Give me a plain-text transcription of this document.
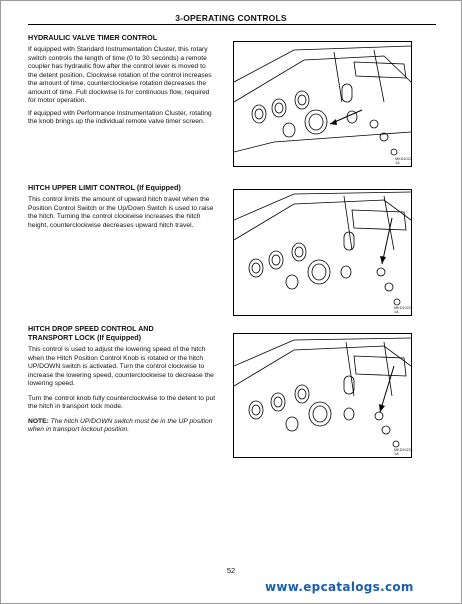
3-OPERATING CONTROLS

HYDRAULIC VALVE TIMER CONTROL

If equipped with Standard Instrumentation Cluster, this rotary switch controls the length of time (0 to 30 seconds) a remote coupler has hydraulic flow after the control lever is moved to the detent position. Clockwise rotation of the control increases the amount of time, counterclockwise rotation decreases the amount of time. Full clockwise is for continuous flow, required for motor operation.

If equipped with Performance Instrumentation Cluster, rotating the knob brings up the individual remote valve timer screen.

HITCH UPPER LIMIT CONTROL (If Equipped)

This control limits the amount of upward hitch travel when the Position Control Switch or the Up/Down Switch is used to raise the hitch. Turning the control clockwise increases the hitch height, counterclockwise decreases upward hitch travel.

HITCH DROP SPEED CONTROL AND

TRANSPORT LOCK (If Equipped)

This control is used to adjust the lowering speed of the hitch when the Hitch Position Control Knob is rotated or the hitch UP/DOWN switch is activated. Turn the control clockwise to increase the lowering speed, counterclockwise to decrease the lowering speed.

Turn the control knob fully counterclockwise to the detent to put the hitch in transport lock mode.

NOTE: The hitch UP/DOWN switch must be in the UP position when in transport lockout position.

MKD1022 1A
MKD1022 1A
MKD1022 1A
52
www.epcatalogs.com
